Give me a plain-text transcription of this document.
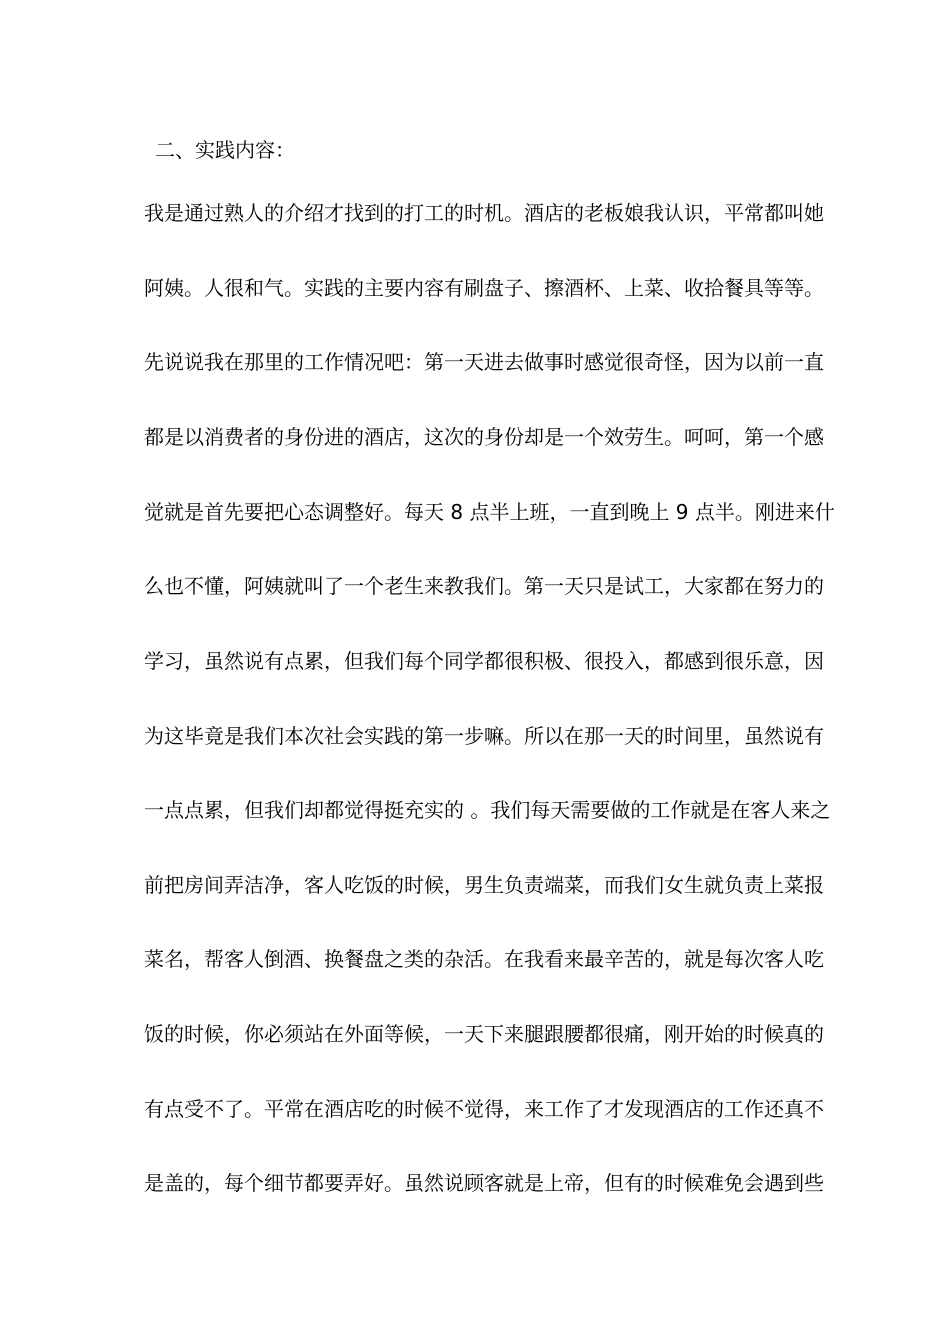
二、实践内容：
我是通过熟人的介绍才找到的打工的时机。酒店的老板娘我认识，平常都叫她
阿姨。人很和气。实践的主要内容有刷盘子、擦酒杯、上菜、收拾餐具等等。
先说说我在那里的工作情况吧：第一天进去做事时感觉很奇怪，因为以前一直
都是以消费者的身份进的酒店，这次的身份却是一个效劳生。呵呵，第一个感
觉就是首先要把心态调整好。每天 8 点半上班，一直到晚上 9 点半。刚进来什
么也不懂，阿姨就叫了一个老生来教我们。第一天只是试工，大家都在努力的
学习，虽然说有点累，但我们每个同学都很积极、很投入，都感到很乐意，因
为这毕竟是我们本次社会实践的第一步嘛。所以在那一天的时间里，虽然说有
一点点累，但我们却都觉得挺充实的 。我们每天需要做的工作就是在客人来之
前把房间弄洁净，客人吃饭的时候，男生负责端菜，而我们女生就负责上菜报
菜名，帮客人倒酒、换餐盘之类的杂活。在我看来最辛苦的，就是每次客人吃
饭的时候，你必须站在外面等候，一天下来腿跟腰都很痛，刚开始的时候真的
有点受不了。平常在酒店吃的时候不觉得，来工作了才发现酒店的工作还真不
是盖的，每个细节都要弄好。虽然说顾客就是上帝，但有的时候难免会遇到些
